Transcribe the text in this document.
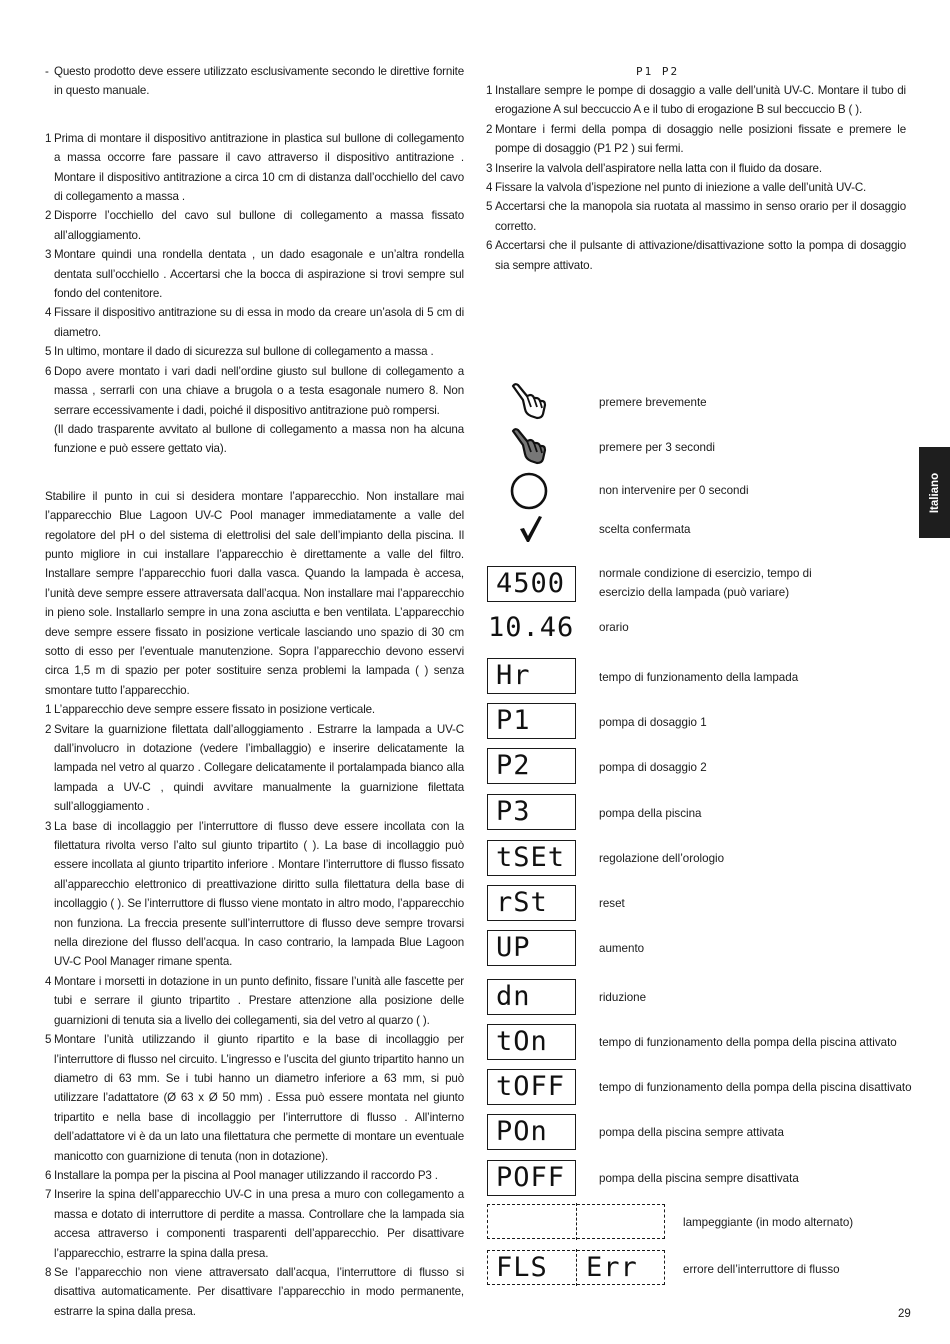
- Questo prodotto deve essere utilizzato esclusivamente secondo le direttive fornite in questo manuale.
1 Prima di montare il dispositivo antitrazione in plastica sul bullone di collegamento a massa occorre fare passare il cavo attraverso il dispositivo antitrazione . Montare il dispositivo antitrazione a circa 10 cm di distanza dall’occhiello del cavo di collegamento a massa .
2 Disporre l’occhiello del cavo sul bullone di collegamento a massa fissato all’alloggiamento.
3 Montare quindi una rondella dentata , un dado esagonale e un’altra rondella dentata sull’occhiello . Accertarsi che la bocca di aspirazione si trovi sempre sul fondo del contenitore.
4 Fissare il dispositivo antitrazione su di essa in modo da creare un’asola di 5 cm di diametro.
5 In ultimo, montare il dado di sicurezza sul bullone di collegamento a massa .
6 Dopo avere montato i vari dadi nell’ordine giusto sul bullone di collegamento a massa , serrarli con una chiave a brugola o a testa esagonale numero 8. Non serrare eccessivamente i dadi, poiché il dispositivo antitrazione può rompersi.
(Il dado trasparente avvitato al bullone di collegamento a massa non ha alcuna funzione e può essere gettato via).
Stabilire il punto in cui si desidera montare l’apparecchio. Non installare mai l’apparecchio Blue Lagoon UV-C Pool manager immediatamente a valle del regolatore del pH o del sistema di elettrolisi del sale dell’impianto della piscina. Il punto migliore in cui installare l’apparecchio è direttamente a valle del filtro. Installare sempre l’apparecchio fuori dalla vasca. Quando la lampada è accesa, l’unità deve sempre essere attraversata dall’acqua. Non installare mai l’apparecchio in pieno sole. Installarlo sempre in una zona asciutta e ben ventilata. L’apparecchio deve sempre essere fissato in posizione verticale lasciando uno spazio di 30 cm sotto di esso per l’eventuale manutenzione. Sopra l’apparecchio devono esservi circa 1,5 m di spazio per poter sostituire senza problemi la lampada ( ) senza smontare tutto l’apparecchio.
1 L’apparecchio deve sempre essere fissato in posizione verticale.
2 Svitare la guarnizione filettata dall’alloggiamento . Estrarre la lampada a UV-C dall’involucro in dotazione (vedere l’imballaggio) e inserire delicatamente la lampada nel vetro al quarzo . Collegare delicatamente il portalampada bianco alla lampada a UV-C , quindi avvitare manualmente la guarnizione filettata sull’alloggiamento .
3 La base di incollaggio per l’interruttore di flusso deve essere incollata con la filettatura rivolta verso l’alto sul giunto tripartito ( ). La base di incollaggio può essere incollata al giunto tripartito inferiore . Montare l’interruttore di flusso fissato all’apparecchio elettronico di preattivazione diritto sulla filettatura della base di incollaggio ( ). Se l’interruttore di flusso viene montato in altro modo, l’apparecchio non funziona. La freccia presente sull’interruttore di flusso deve sempre trovarsi nella direzione del flusso dell’acqua. In caso contrario, la lampada Blue Lagoon UV-C Pool Manager rimane spenta.
4 Montare i morsetti in dotazione in un punto definito, fissare l’unità alle fascette per tubi e serrare il giunto tripartito . Prestare attenzione alla posizione delle guarnizioni di tenuta sia a livello dei collegamenti, sia del vetro al quarzo ( ).
5 Montare l’unità utilizzando il giunto ripartito e la base di incollaggio per l’interruttore di flusso nel circuito. L’ingresso e l’uscita del giunto tripartito hanno un diametro di 63 mm. Se i tubi hanno un diametro inferiore a 63 mm, si può utilizzare l’adattatore (Ø 63 x Ø 50 mm) . Essa può essere montata nel giunto tripartito e nella base di incollaggio per l’interruttore di flusso . All’interno dell’adattatore vi è da un lato una filettatura che permette di montare un eventuale manicotto con guarnizione di tenuta (non in dotazione).
6 Installare la pompa per la piscina al Pool manager utilizzando il raccordo P3 .
7 Inserire la spina dell’apparecchio UV-C in una presa a muro con collegamento a massa e dotato di interruttore di perdite a massa. Controllare che la lampada sia accesa attraverso i componenti trasparenti dell’apparecchio. Per disattivare l’apparecchio, estrarre la spina dalla presa.
8 Se l’apparecchio non viene attraversato dall’acqua, l’interruttore di flusso si disattiva automaticamente. Per disattivare l’apparecchio in modo permanente, estrarre la spina dalla presa.
P1 P2
1 Installare sempre le pompe di dosaggio a valle dell’unità UV-C. Montare il tubo di erogazione A sul beccuccio A e il tubo di erogazione B sul beccuccio B ( ).
2 Montare i fermi della pompa di dosaggio nelle posizioni fissate e premere le pompe di dosaggio (P1 P2 ) sui fermi.
3 Inserire la valvola dell’aspiratore nella latta con il fluido da dosare.
4 Fissare la valvola d’ispezione nel punto di iniezione a valle dell’unità UV-C.
5 Accertarsi che la manopola sia ruotata al massimo in senso orario per il dosaggio corretto.
6 Accertarsi che il pulsante di attivazione/disattivazione sotto la pompa di dosaggio sia sempre attivato.
premere brevemente
premere per 3 secondi
non intervenire per 0 secondi
scelta confermata
4500	normale condizione di esercizio, tempo di esercizio della lampada (può variare)
10.46 orario
Hr	tempo di funzionamento della lampada
P1	pompa di dosaggio 1
P2	pompa di dosaggio 2
P3	pompa della piscina
tSEt	regolazione dell’orologio
rSt	reset
UP	aumento
dn	riduzione
tOn	tempo di funzionamento della pompa della piscina attivato
tOFF	tempo di funzionamento della pompa della piscina disattivato
POn	pompa della piscina sempre attivata
POFF	pompa della piscina sempre disattivata
lampeggiante (in modo alternato)
FLS Err	errore dell’interruttore di flusso
Italiano
29
